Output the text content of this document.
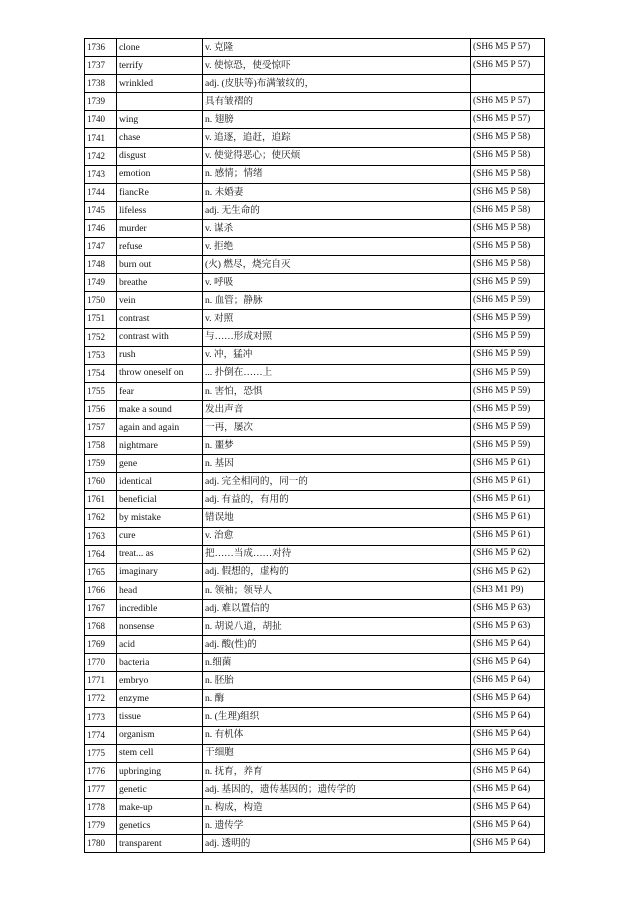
1736	clone	v. 克隆	(SH6 M5 P 57)
1737	terrify	v. 使惊恐，使受惊吓	(SH6 M5 P 57)
1738	wrinkled	adj. (皮肤等)布满皱纹的，	
1739		具有皱褶的	(SH6 M5 P 57)
1740	wing	n. 翅膀	(SH6 M5 P 57)
1741	chase	v. 追逐，追赶，追踪	(SH6 M5 P 58)
1742	disgust	v. 使觉得恶心；使厌烦	(SH6 M5 P 58)
1743	emotion	n. 感情；情绪	(SH6 M5 P 58)
1744	fiancRe	n. 未婚妻	(SH6 M5 P 58)
1745	lifeless	adj. 无生命的	(SH6 M5 P 58)
1746	murder	v. 谋杀	(SH6 M5 P 58)
1747	refuse	v. 拒绝	(SH6 M5 P 58)
1748	burn out	(火) 燃尽，烧完自灭	(SH6 M5 P 58)
1749	breathe	v. 呼吸	(SH6 M5 P 59)
1750	vein	n. 血管；静脉	(SH6 M5 P 59)
1751	contrast	v. 对照	(SH6 M5 P 59)
1752	contrast with	与……形成对照	(SH6 M5 P 59)
1753	rush	v. 冲，猛冲	(SH6 M5 P 59)
1754	throw oneself on	... 扑倒在……上	(SH6 M5 P 59)
1755	fear	n. 害怕，恐惧	(SH6 M5 P 59)
1756	make a sound	发出声音	(SH6 M5 P 59)
1757	again and again	一再，屡次	(SH6 M5 P 59)
1758	nightmare	n. 噩梦	(SH6 M5 P 59)
1759	gene	n. 基因	(SH6 M5 P 61)
1760	identical	adj. 完全相同的，同一的	(SH6 M5 P 61)
1761	beneficial	adj. 有益的，有用的	(SH6 M5 P 61)
1762	by mistake	错误地	(SH6 M5 P 61)
1763	cure	v. 治愈	(SH6 M5 P 61)
1764	treat... as	把……当成……对待	(SH6 M5 P 62)
1765	imaginary	adj. 假想的，虚构的	(SH6 M5 P 62)
1766	head	n. 领袖；领导人	(SH3 M1 P9)
1767	incredible	adj. 难以置信的	(SH6 M5 P 63)
1768	nonsense	n. 胡说八道，胡扯	(SH6 M5 P 63)
1769	acid	adj. 酸(性)的	(SH6 M5 P 64)
1770	bacteria	n.细菌	(SH6 M5 P 64)
1771	embryo	n. 胚胎	(SH6 M5 P 64)
1772	enzyme	n. 酶	(SH6 M5 P 64)
1773	tissue	n. (生理)组织	(SH6 M5 P 64)
1774	organism	n. 有机体	(SH6 M5 P 64)
1775	stem cell	干细胞	(SH6 M5 P 64)
1776	upbringing	n. 抚育，养育	(SH6 M5 P 64)
1777	genetic	adj. 基因的，遗传基因的；遗传学的	(SH6 M5 P 64)
1778	make-up	n. 构成，构造	(SH6 M5 P 64)
1779	genetics	n. 遗传学	(SH6 M5 P 64)
1780	transparent	adj. 透明的	(SH6 M5 P 64)
